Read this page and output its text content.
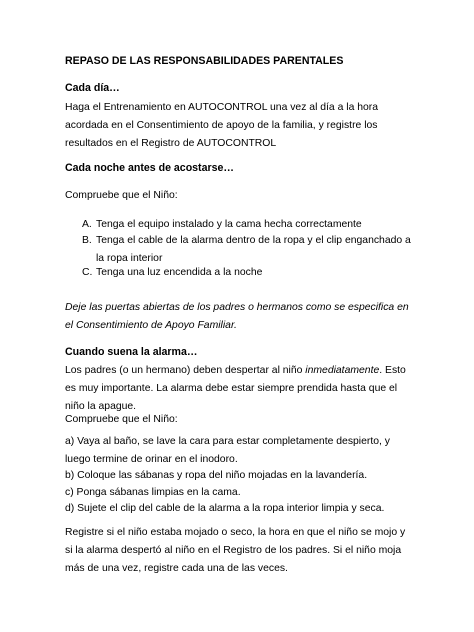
REPASO DE LAS RESPONSABILIDADES PARENTALES
Cada día…

Haga el Entrenamiento en AUTOCONTROL una vez al día a la hora acordada en el Consentimiento de apoyo de la familia, y registre los resultados en el Registro de AUTOCONTROL

Cada noche antes de acostarse…
Compruebe que el Niño:
A. Tenga el equipo instalado y la cama hecha correctamente
B. Tenga el cable de la alarma dentro de la ropa y el clip enganchado a la ropa interior
C. Tenga una luz encendida a la noche

Deje las puertas abiertas de los padres o hermanos como se especifica en el Consentimiento de Apoyo Familiar.

Cuando suena la alarma…

Los padres (o un hermano) deben despertar al niño inmediatamente. Esto es muy importante. La alarma debe estar siempre prendida hasta que el niño la apague.

Compruebe que el Niño:

a) Vaya al baño, se lave la cara para estar completamente despierto, y luego termine de orinar en el inodoro.

b) Coloque las sábanas y ropa del niño mojadas en la lavandería.

c) Ponga sábanas limpias en la cama.

d) Sujete el clip del cable de la alarma a la ropa interior limpia y seca.

Registre si el niño estaba mojado o seco, la hora en que el niño se mojo y si la alarma despertó al niño en el Registro de los padres. Si el niño moja más de una vez, registre cada una de las veces.
